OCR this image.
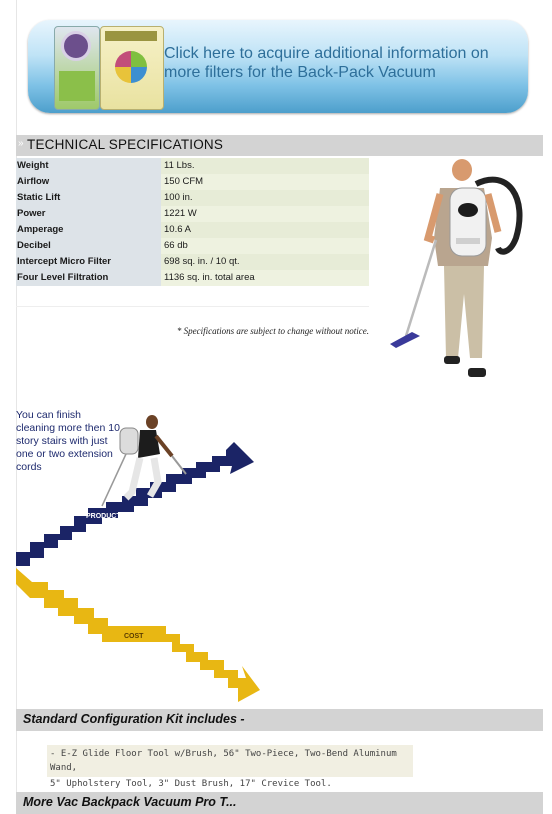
Click here to acquire additional information on more filters for the Back-Pack Vacuum
» TECHNICAL SPECIFICATIONS
Weight	11 Lbs.
Airflow	150 CFM
Static Lift	100 in.
Power	1221 W
Amperage	10.6 A
Decibel	66 db
Intercept Micro Filter	698 sq. in. / 10 qt.
Four Level Filtration	1136 sq. in. total area
* Specifications are subject to change without notice.
You can finish cleaning more then 10 story stairs with just one or two extension cords
PRODUCTIVITY
COST
Standard Configuration Kit includes -

- E-Z Glide Floor Tool w/Brush, 56" Two-Piece, Two-Bend Aluminum Wand,

5" Upholstery Tool, 3" Dust Brush, 17" Crevice Tool.

More Vac Backpack Vacuum Pro T...
